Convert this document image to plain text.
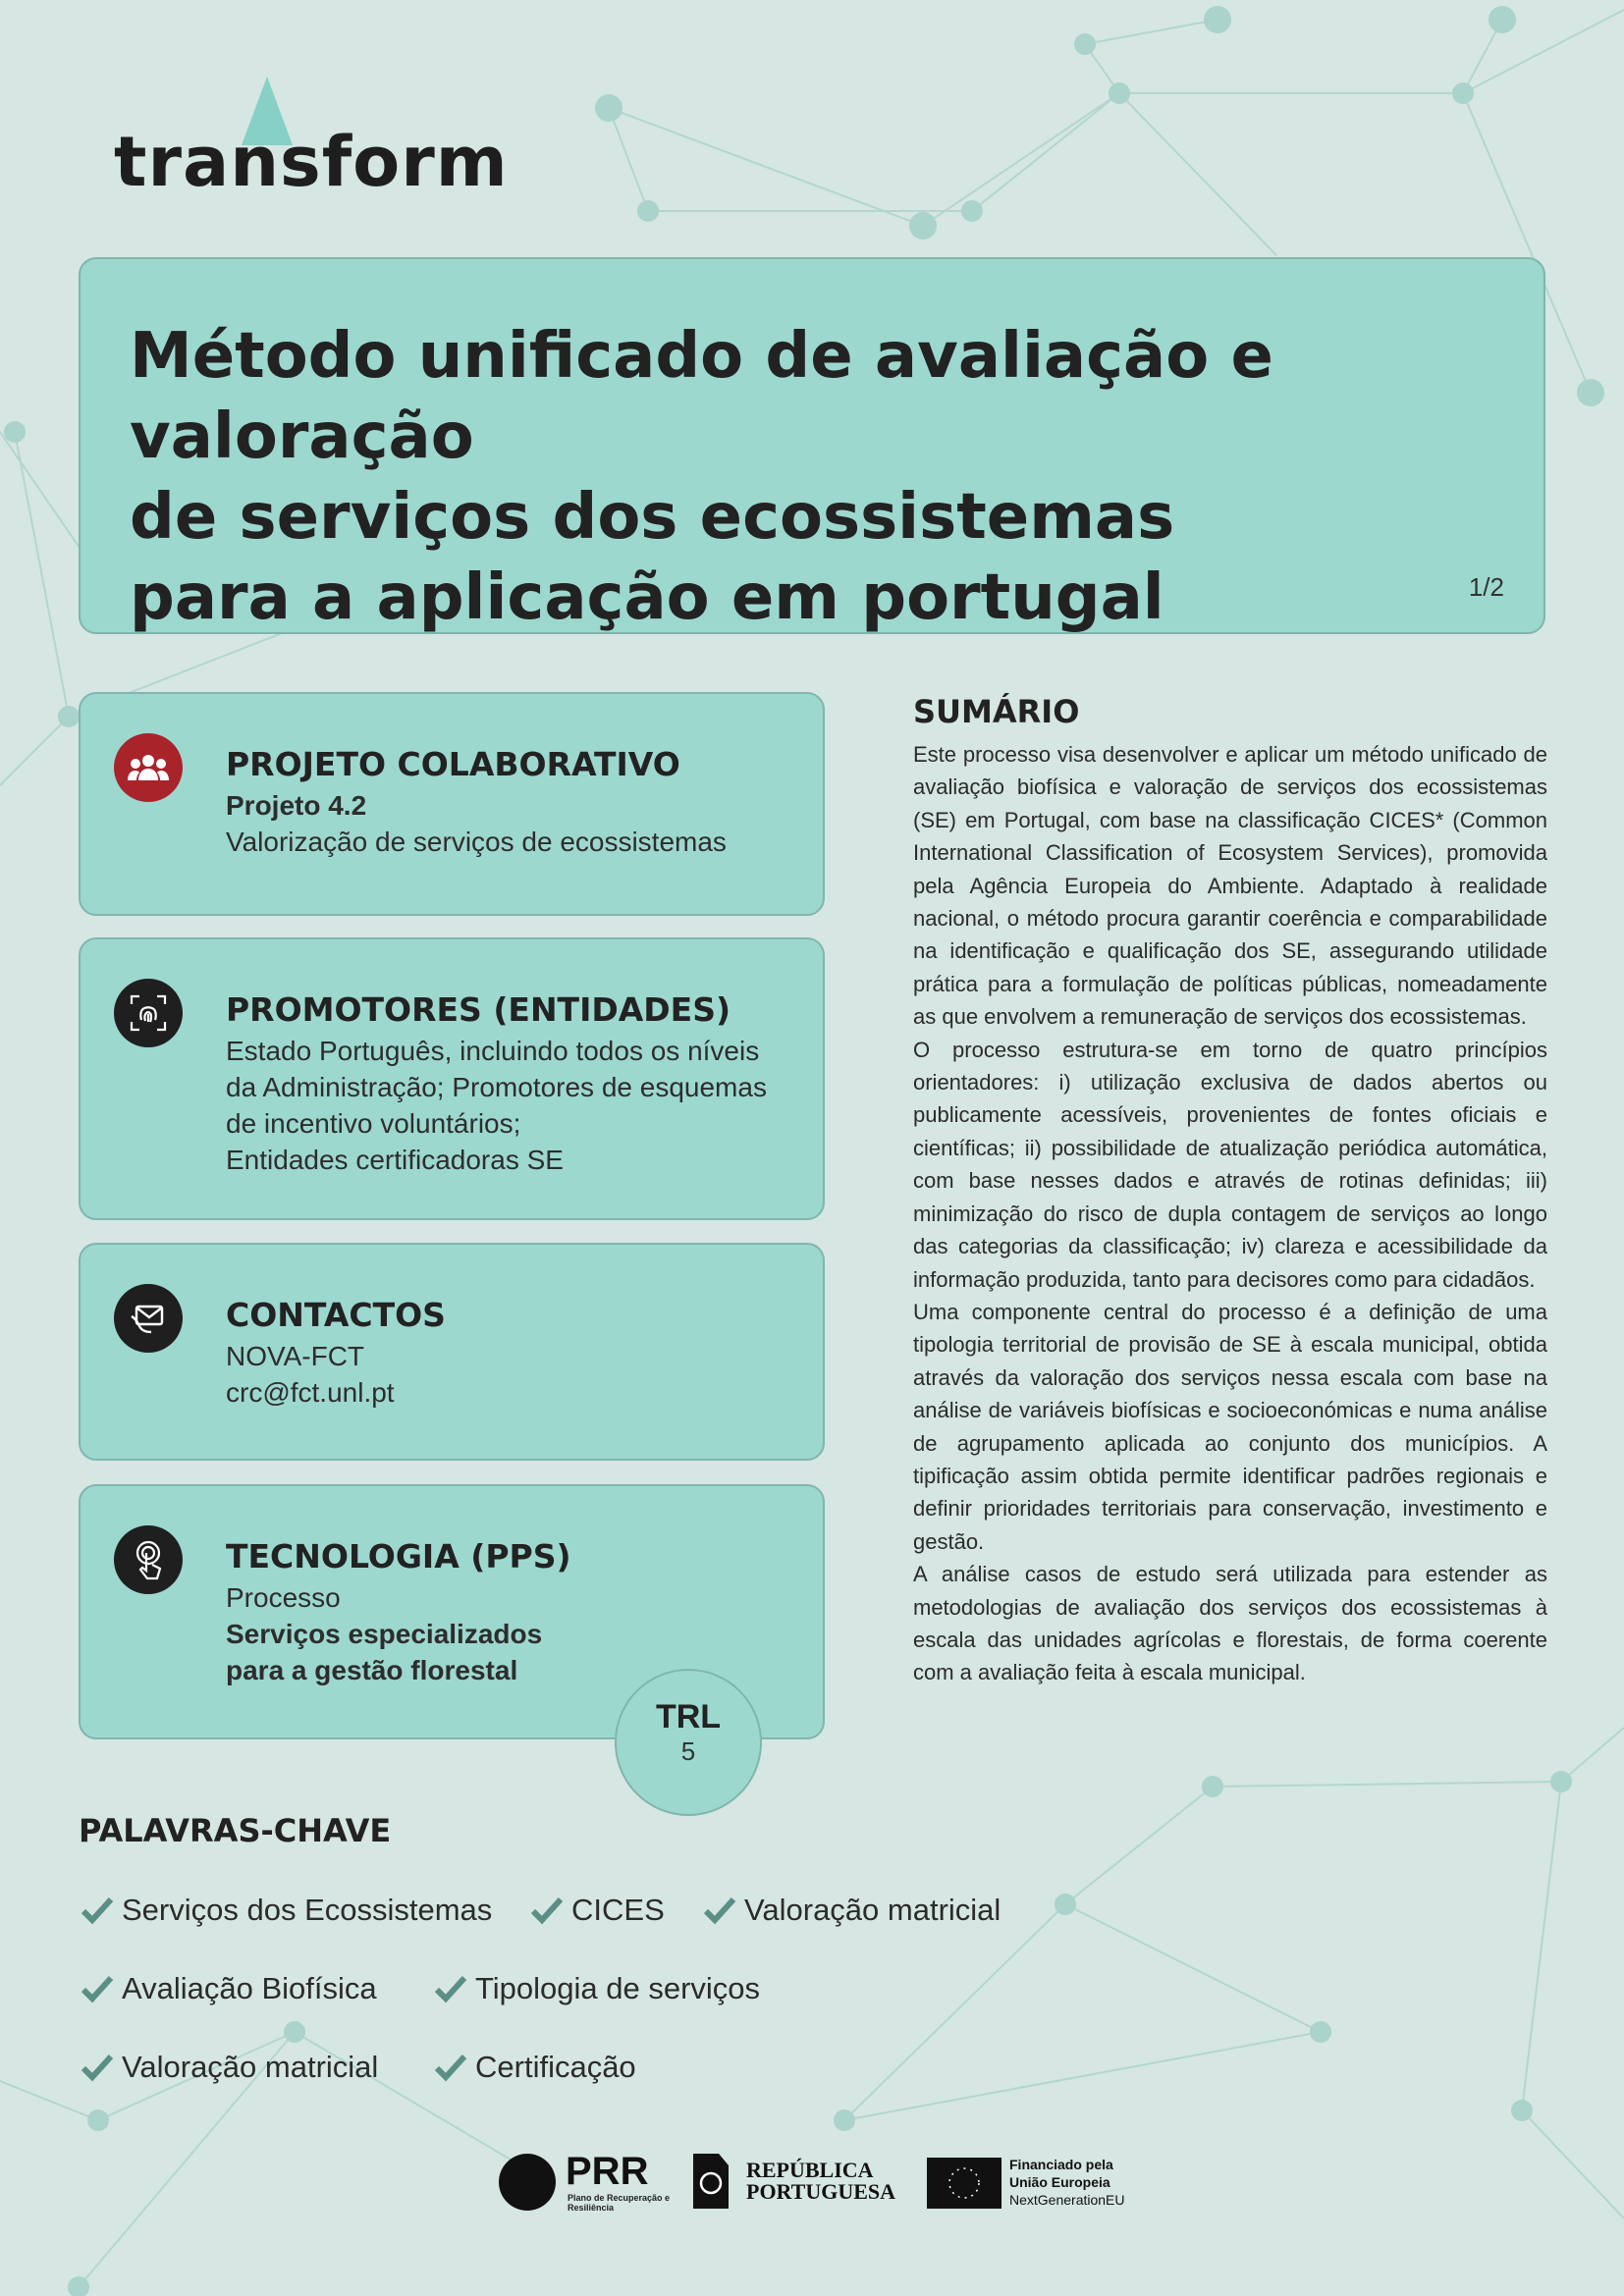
transform
Método unificado de avaliação e valoração
de serviços dos ecossistemas
para a aplicação em portugal	1/2
PROJETO COLABORATIVO
Projeto 4.2
Valorização de serviços de ecossistemas
PROMOTORES (ENTIDADES)
Estado Português, incluindo todos os níveis
da Administração; Promotores de esquemas
de incentivo voluntários;
Entidades certificadoras SE
CONTACTOS
NOVA-FCT
crc@fct.unl.pt
TECNOLOGIA (PPS)
Processo
Serviços especializados
para a gestão florestal
TRL
5
SUMÁRIO

Este processo visa desenvolver e aplicar um método unificado de avaliação biofísica e valoração de serviços dos ecossistemas (SE) em Portugal, com base na classificação CICES* (Common International Classification of Ecosystem Services), promovida pela Agência Europeia do Ambiente. Adaptado à realidade nacional, o método procura garantir coerência e comparabilidade na identificação e qualificação dos SE, assegurando utilidade prática para a formulação de políticas públicas, nomeadamente as que envolvem a remuneração de serviços dos ecossistemas.

O processo estrutura-se em torno de quatro princípios orientadores: i) utilização exclusiva de dados abertos ou publicamente acessíveis, provenientes de fontes oficiais e científicas; ii) possibilidade de atualização periódica automática, com base nesses dados e através de rotinas definidas; iii) minimização do risco de dupla contagem de serviços ao longo das categorias da classificação; iv) clareza e acessibilidade da informação produzida, tanto para decisores como para cidadãos.

Uma componente central do processo é a definição de uma tipologia territorial de provisão de SE à escala municipal, obtida através da valoração dos serviços nessa escala com base na análise de variáveis biofísicas e socioeconómicas e numa análise de agrupamento aplicada ao conjunto dos municípios. A tipificação assim obtida permite identificar padrões regionais e definir prioridades territoriais para conservação, investimento e gestão.

A análise casos de estudo será utilizada para estender as metodologias de avaliação dos serviços dos ecossistemas à escala das unidades agrícolas e florestais, de forma coerente com a avaliação feita à escala municipal.

PALAVRAS-CHAVE
Serviços dos Ecossistemas	CICES	Valoração matricial
Avaliação Biofísica	Tipologia de serviços
Valoração matricial	Certificação
PRR
Plano de Recuperação e Resiliência
REPÚBLICA
PORTUGUESA
Financiado pela
União Europeia
NextGenerationEU
